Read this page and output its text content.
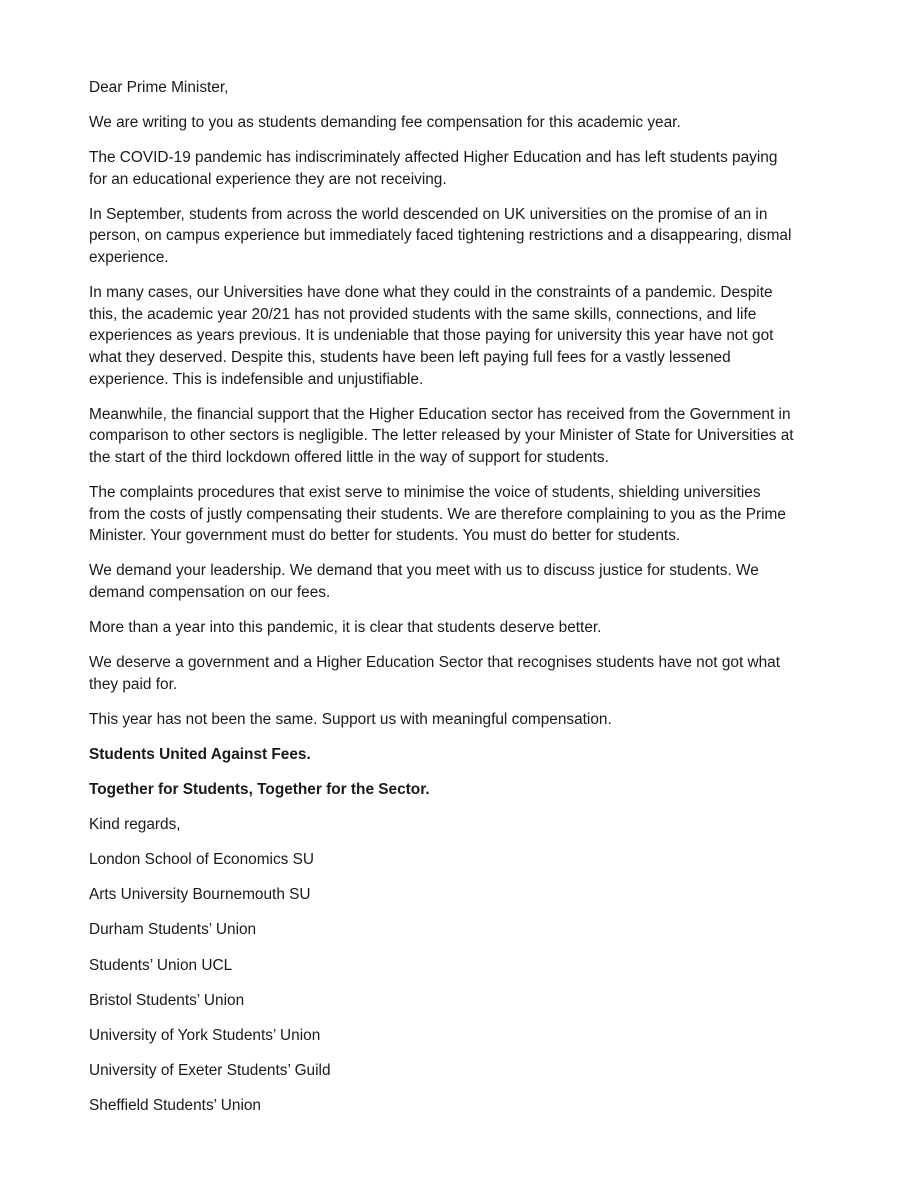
Dear Prime Minister,

We are writing to you as students demanding fee compensation for this academic year.

The COVID-19 pandemic has indiscriminately affected Higher Education and has left students paying for an educational experience they are not receiving.

In September, students from across the world descended on UK universities on the promise of an in person, on campus experience but immediately faced tightening restrictions and a disappearing, dismal experience.

In many cases, our Universities have done what they could in the constraints of a pandemic. Despite this, the academic year 20/21 has not provided students with the same skills, connections, and life experiences as years previous. It is undeniable that those paying for university this year have not got what they deserved. Despite this, students have been left paying full fees for a vastly lessened experience. This is indefensible and unjustifiable.

Meanwhile, the financial support that the Higher Education sector has received from the Government in comparison to other sectors is negligible. The letter released by your Minister of State for Universities at the start of the third lockdown offered little in the way of support for students.

The complaints procedures that exist serve to minimise the voice of students, shielding universities from the costs of justly compensating their students. We are therefore complaining to you as the Prime Minister. Your government must do better for students. You must do better for students.

We demand your leadership. We demand that you meet with us to discuss justice for students. We demand compensation on our fees.

More than a year into this pandemic, it is clear that students deserve better.

We deserve a government and a Higher Education Sector that recognises students have not got what they paid for.

This year has not been the same. Support us with meaningful compensation.

Students United Against Fees.

Together for Students, Together for the Sector.

Kind regards,

London School of Economics SU
Arts University Bournemouth SU
Durham Students’ Union
Students’ Union UCL
Bristol Students’ Union
University of York Students’ Union
University of Exeter Students’ Guild
Sheffield Students’ Union
